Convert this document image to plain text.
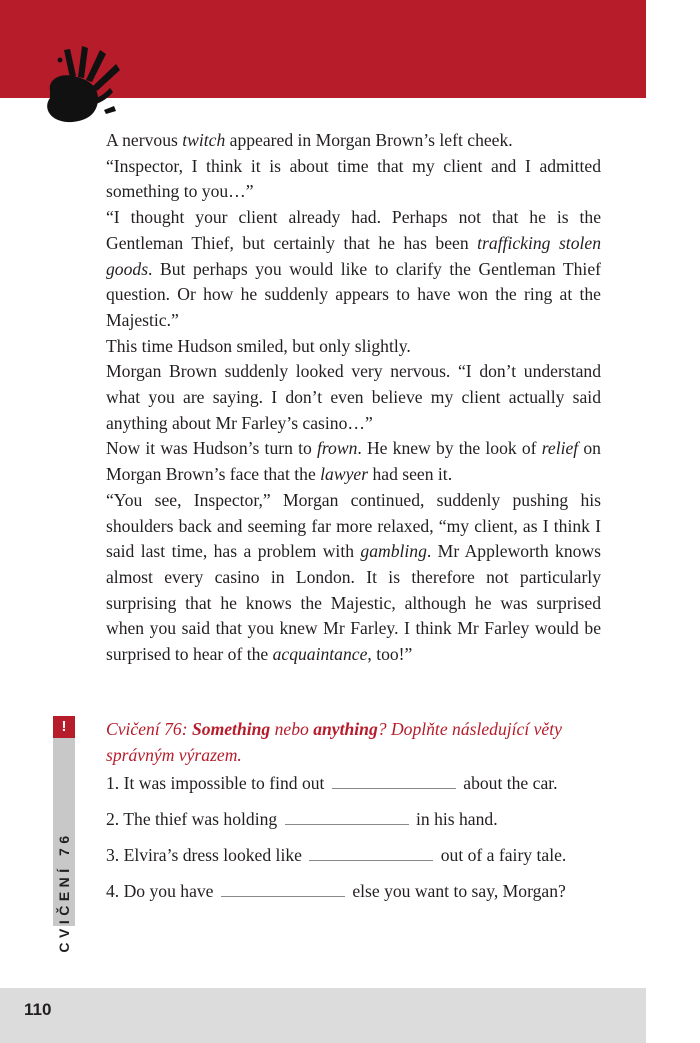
A nervous twitch appeared in Morgan Brown’s left cheek.

“Inspector, I think it is about time that my client and I admitted something to you…”

“I thought your client already had. Perhaps not that he is the Gentleman Thief, but certainly that he has been trafficking stolen goods. But perhaps you would like to clarify the Gentleman Thief question. Or how he suddenly appears to have won the ring at the Majestic.”

This time Hudson smiled, but only slightly.

Morgan Brown suddenly looked very nervous. “I don’t understand what you are saying. I don’t even believe my client actually said anything about Mr Farley’s casino…”

Now it was Hudson’s turn to frown. He knew by the look of relief on Morgan Brown’s face that the lawyer had seen it.

“You see, Inspector,” Morgan continued, suddenly pushing his shoulders back and seeming far more relaxed, “my client, as I think I said last time, has a problem with gambling. Mr Appleworth knows almost every casino in London. It is therefore not particularly surprising that he knows the Majestic, although he was surprised when you said that you knew Mr Farley. I think Mr Farley would be surprised to hear of the acquaintance, too!”

!
CVIČENÍ 76
Cvičení 76: Something nebo anything? Doplňte následující věty správným výrazem.
1. It was impossible to find out	about the car.
2. The thief was holding	in his hand.
3. Elvira’s dress looked like	out of a fairy tale.
4. Do you have	else you want to say, Morgan?
110
